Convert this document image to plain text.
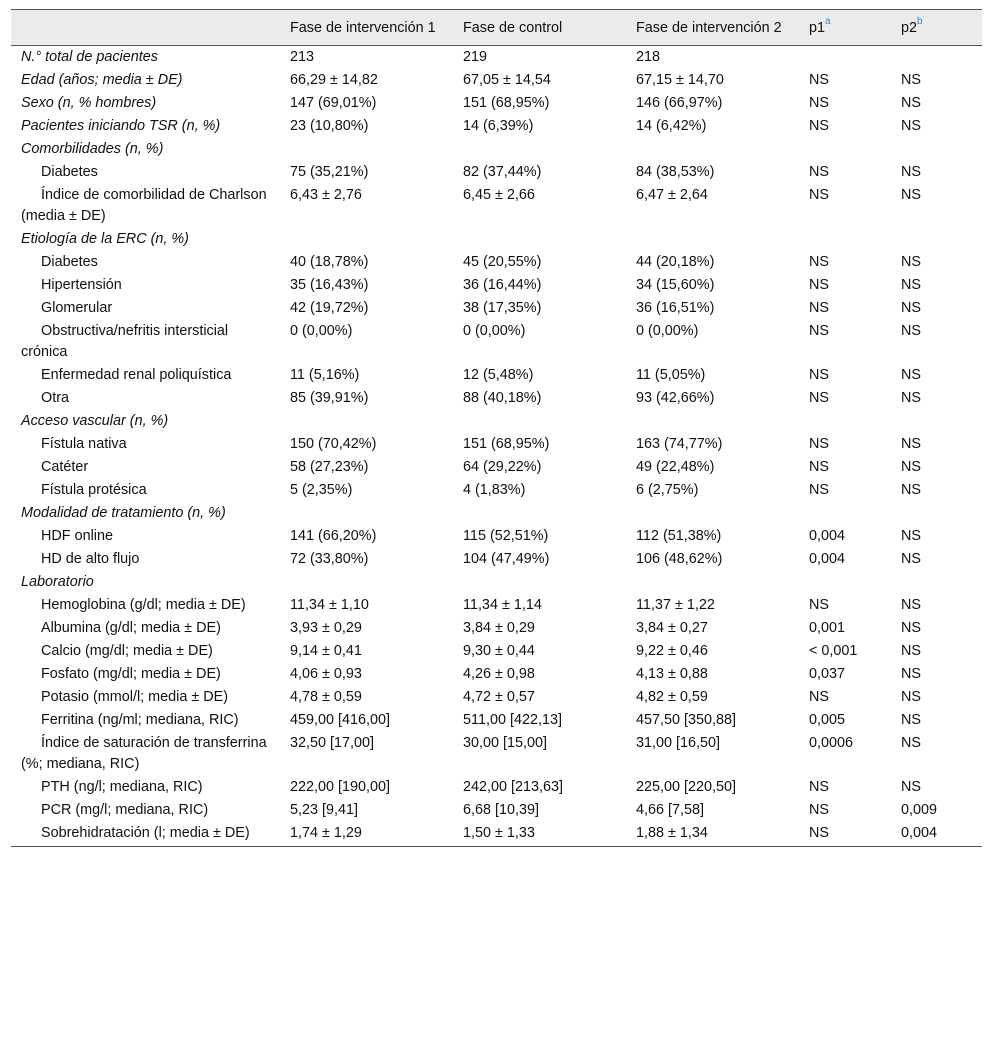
	Fase de intervención 1	Fase de control	Fase de intervención 2	p1$^a$	p2$^b$
N.° total de pacientes	213	219	218		
Edad (años; media ± DE)	66,29 ± 14,82	67,05 ± 14,54	67,15 ± 14,70	NS	NS
Sexo (n, % hombres)	147 (69,01%)	151 (68,95%)	146 (66,97%)	NS	NS
Pacientes iniciando TSR (n, %)	23 (10,80%)	14 (6,39%)	14 (6,42%)	NS	NS
Comorbilidades (n, %)					
Diabetes	75 (35,21%)	82 (37,44%)	84 (38,53%)	NS	NS
Índice de comorbilidad de Charlson (media ± DE)	6,43 ± 2,76	6,45 ± 2,66	6,47 ± 2,64	NS	NS
Etiología de la ERC (n, %)					
Diabetes	40 (18,78%)	45 (20,55%)	44 (20,18%)	NS	NS
Hipertensión	35 (16,43%)	36 (16,44%)	34 (15,60%)	NS	NS
Glomerular	42 (19,72%)	38 (17,35%)	36 (16,51%)	NS	NS
Obstructiva/nefritis intersticial crónica	0 (0,00%)	0 (0,00%)	0 (0,00%)	NS	NS
Enfermedad renal poliquística	11 (5,16%)	12 (5,48%)	11 (5,05%)	NS	NS
Otra	85 (39,91%)	88 (40,18%)	93 (42,66%)	NS	NS
Acceso vascular (n, %)					
Fístula nativa	150 (70,42%)	151 (68,95%)	163 (74,77%)	NS	NS
Catéter	58 (27,23%)	64 (29,22%)	49 (22,48%)	NS	NS
Fístula protésica	5 (2,35%)	4 (1,83%)	6 (2,75%)	NS	NS
Modalidad de tratamiento (n, %)					
HDF online	141 (66,20%)	115 (52,51%)	112 (51,38%)	0,004	NS
HD de alto flujo	72 (33,80%)	104 (47,49%)	106 (48,62%)	0,004	NS
Laboratorio					
Hemoglobina (g/dl; media ± DE)	11,34 ± 1,10	11,34 ± 1,14	11,37 ± 1,22	NS	NS
Albumina (g/dl; media ± DE)	3,93 ± 0,29	3,84 ± 0,29	3,84 ± 0,27	0,001	NS
Calcio (mg/dl; media ± DE)	9,14 ± 0,41	9,30 ± 0,44	9,22 ± 0,46	< 0,001	NS
Fosfato (mg/dl; media ± DE)	4,06 ± 0,93	4,26 ± 0,98	4,13 ± 0,88	0,037	NS
Potasio (mmol/l; media ± DE)	4,78 ± 0,59	4,72 ± 0,57	4,82 ± 0,59	NS	NS
Ferritina (ng/ml; mediana, RIC)	459,00 [416,00]	511,00 [422,13]	457,50 [350,88]	0,005	NS
Índice de saturación de transferrina (%; mediana, RIC)	32,50 [17,00]	30,00 [15,00]	31,00 [16,50]	0,0006	NS
PTH (ng/l; mediana, RIC)	222,00 [190,00]	242,00 [213,63]	225,00 [220,50]	NS	NS
PCR (mg/l; mediana, RIC)	5,23 [9,41]	6,68 [10,39]	4,66 [7,58]	NS	0,009
Sobrehidratación (l; media ± DE)	1,74 ± 1,29	1,50 ± 1,33	1,88 ± 1,34	NS	0,004
